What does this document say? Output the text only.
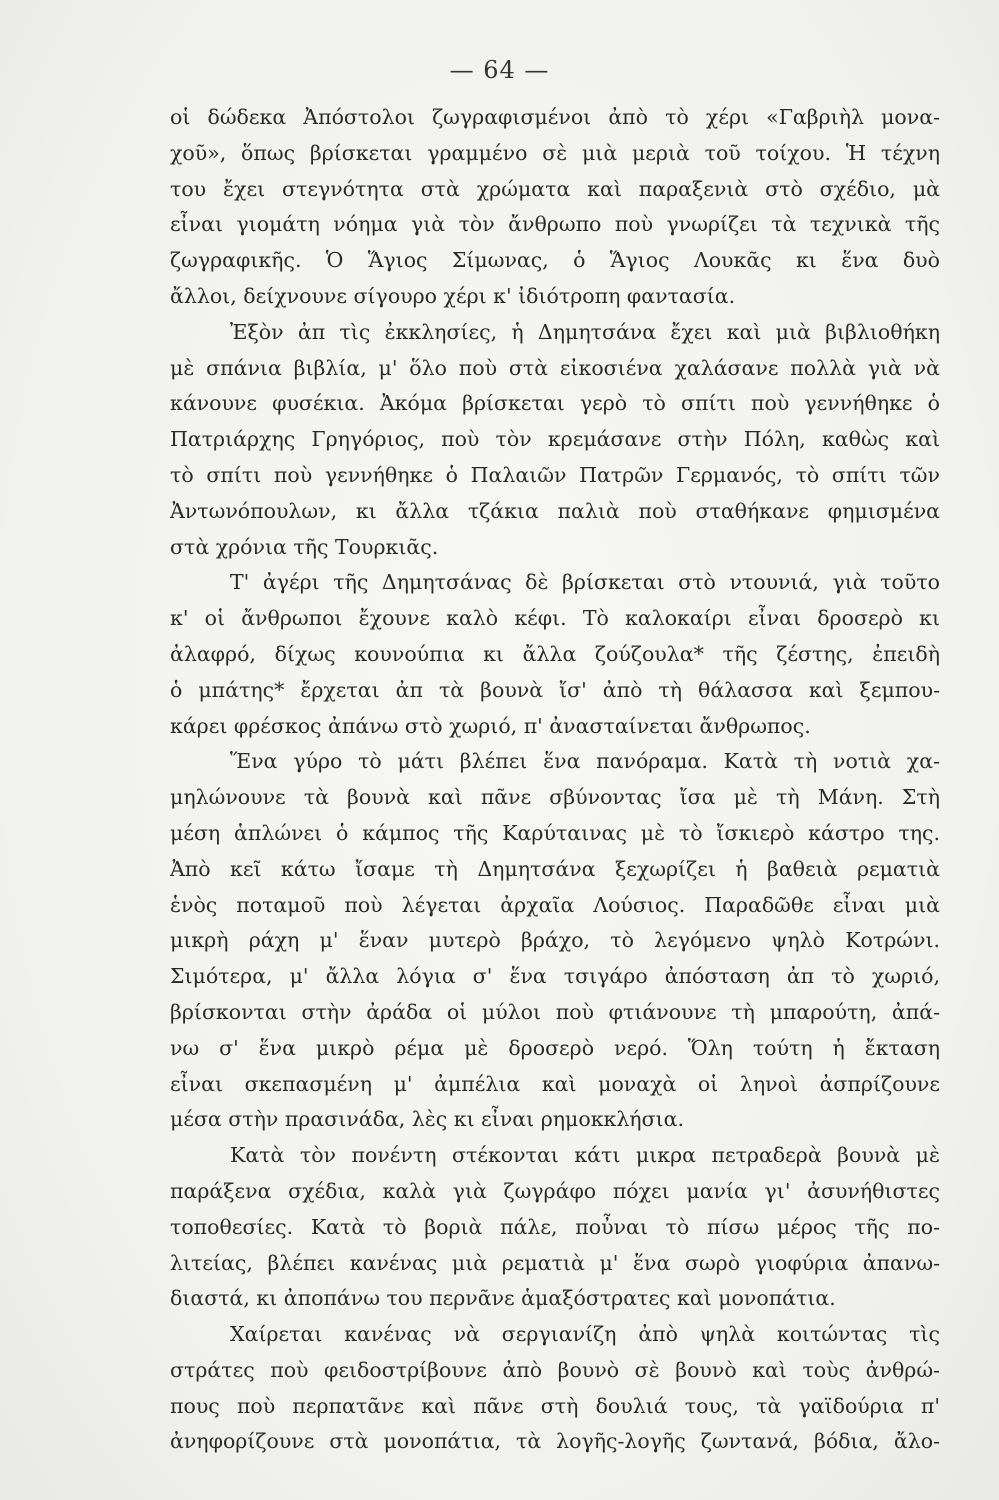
— 64 —
οἱ δώδεκα Ἀπόστολοι ζωγραφισμένοι ἀπὸ τὸ χέρι «Γαβριὴλ μονα-
χοῦ», ὅπως βρίσκεται γραμμένο σὲ μιὰ μεριὰ τοῦ τοίχου. Ἡ τέχνη
του ἔχει στεγνότητα στὰ χρώματα καὶ παραξενιὰ στὸ σχέδιο, μὰ
εἶναι γιομάτη νόημα γιὰ τὸν ἄνθρωπο ποὺ γνωρίζει τὰ τεχνικὰ τῆς
ζωγραφικῆς. Ὁ Ἅγιος Σίμωνας, ὁ Ἅγιος Λουκᾶς κι ἕνα δυὸ
ἄλλοι, δείχνουνε σίγουρο χέρι κ' ἰδιότροπη φαντασία.
Ἐξὸν ἀπ τὶς ἐκκλησίες, ἡ Δημητσάνα ἔχει καὶ μιὰ βιβλιοθήκη
μὲ σπάνια βιβλία, μ' ὅλο ποὺ στὰ εἰκοσιένα χαλάσανε πολλὰ γιὰ νὰ
κάνουνε φυσέκια. Ἀκόμα βρίσκεται γερὸ τὸ σπίτι ποὺ γεννήθηκε ὁ
Πατριάρχης Γρηγόριος, ποὺ τὸν κρεμάσανε στὴν Πόλη, καθὼς καὶ
τὸ σπίτι ποὺ γεννήθηκε ὁ Παλαιῶν Πατρῶν Γερμανός, τὸ σπίτι τῶν
Ἀντωνόπουλων, κι ἄλλα τζάκια παλιὰ ποὺ σταθήκανε φημισμένα
στὰ χρόνια τῆς Τουρκιᾶς.
Τ' ἀγέρι τῆς Δημητσάνας δὲ βρίσκεται στὸ ντουνιά, γιὰ τοῦτο
κ' οἱ ἄνθρωποι ἔχουνε καλὸ κέφι. Τὸ καλοκαίρι εἶναι δροσερὸ κι
ἀλαφρό, δίχως κουνούπια κι ἄλλα ζούζουλα* τῆς ζέστης, ἐπειδὴ
ὁ μπάτης* ἔρχεται ἀπ τὰ βουνὰ ἴσ' ἀπὸ τὴ θάλασσα καὶ ξεμπου-
κάρει φρέσκος ἀπάνω στὸ χωριό, π' ἀνασταίνεται ἄνθρωπος.
Ἕνα γύρο τὸ μάτι βλέπει ἕνα πανόραμα. Κατὰ τὴ νοτιὰ χα-
μηλώνουνε τὰ βουνὰ καὶ πᾶνε σβύνοντας ἴσα μὲ τὴ Μάνη. Στὴ
μέση ἁπλώνει ὁ κάμπος τῆς Καρύταινας μὲ τὸ ἴσκιερὸ κάστρο της.
Ἀπὸ κεῖ κάτω ἴσαμε τὴ Δημητσάνα ξεχωρίζει ἡ βαθειὰ ρεματιὰ
ἑνὸς ποταμοῦ ποὺ λέγεται ἀρχαῖα Λούσιος. Παραδῶθε εἶναι μιὰ
μικρὴ ράχη μ' ἕναν μυτερὸ βράχο, τὸ λεγόμενο ψηλὸ Κοτρώνι.
Σιμότερα, μ' ἄλλα λόγια σ' ἕνα τσιγάρο ἀπόσταση ἀπ τὸ χωριό,
βρίσκονται στὴν ἀράδα οἱ μύλοι ποὺ φτιάνουνε τὴ μπαρούτη, ἀπά-
νω σ' ἕνα μικρὸ ρέμα μὲ δροσερὸ νερό. Ὅλη τούτη ἡ ἔκταση
εἶναι σκεπασμένη μ' ἀμπέλια καὶ μοναχὰ οἱ ληνοὶ ἀσπρίζουνε
μέσα στὴν πρασινάδα, λὲς κι εἶναι ρημοκκλήσια.
Κατὰ τὸν πονέντη στέκονται κάτι μικρα πετραδερὰ βουνὰ μὲ
παράξενα σχέδια, καλὰ γιὰ ζωγράφο πόχει μανία γι' ἀσυνήθιστες
τοποθεσίες. Κατὰ τὸ βοριὰ πάλε, ποὖναι τὸ πίσω μέρος τῆς πο-
λιτείας, βλέπει κανένας μιὰ ρεματιὰ μ' ἕνα σωρὸ γιοφύρια ἀπανω-
διαστά, κι ἀποπάνω του περνᾶνε ἁμαξόστρατες καὶ μονοπάτια.
Χαίρεται κανένας νὰ σεργιανίζη ἀπὸ ψηλὰ κοιτώντας τὶς
στράτες ποὺ φειδοστρίβουνε ἀπὸ βουνὸ σὲ βουνὸ καὶ τοὺς ἀνθρώ-
πους ποὺ περπατᾶνε καὶ πᾶνε στὴ δουλιά τους, τὰ γαϊδούρια π'
ἀνηφορίζουνε στὰ μονοπάτια, τὰ λογῆς-λογῆς ζωντανά, βόδια, ἄλο-
